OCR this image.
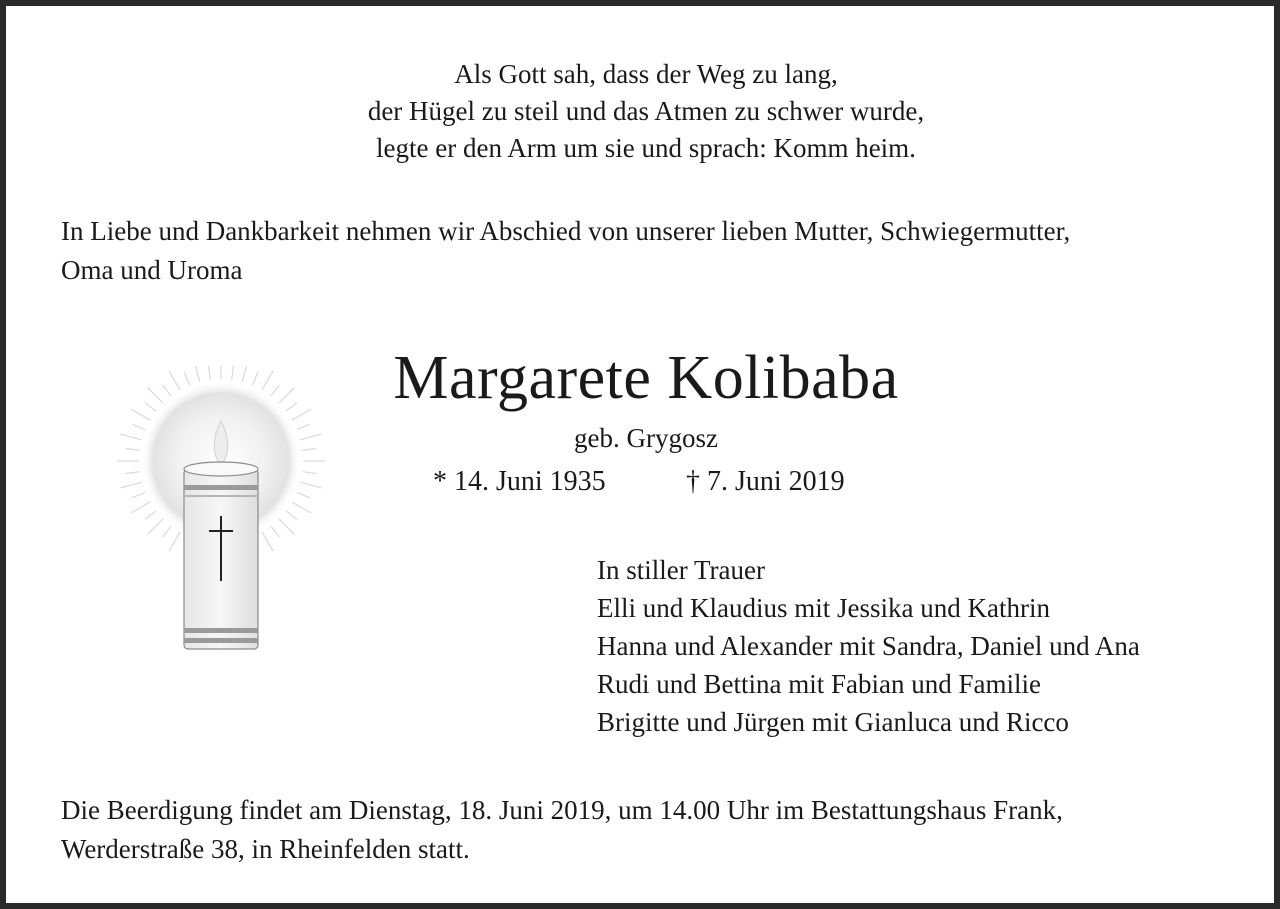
Als Gott sah, dass der Weg zu lang,
der Hügel zu steil und das Atmen zu schwer wurde,
legte er den Arm um sie und sprach: Komm heim.
In Liebe und Dankbarkeit nehmen wir Abschied von unserer lieben Mutter, Schwiegermutter,
Oma und Uroma
Margarete Kolibaba
geb. Grygosz
* 14. Juni 1935	† 7. Juni 2019
In stiller Trauer
Elli und Klaudius mit Jessika und Kathrin
Hanna und Alexander mit Sandra, Daniel und Ana
Rudi und Bettina mit Fabian und Familie
Brigitte und Jürgen mit Gianluca und Ricco
Die Beerdigung findet am Dienstag, 18. Juni 2019, um 14.00 Uhr im Bestattungshaus Frank,
Werderstraße 38, in Rheinfelden statt.
